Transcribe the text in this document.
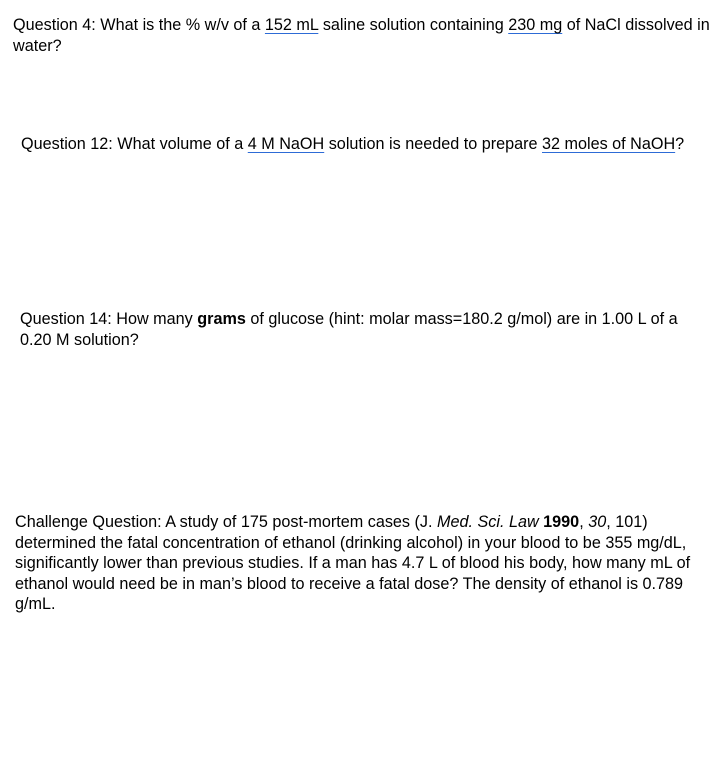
Question 4: What is the % w/v of a 152 mL saline solution containing 230 mg of NaCl dissolved in water?

Question 12: What volume of a 4 M NaOH solution is needed to prepare 32 moles of NaOH?

Question 14: How many grams of glucose (hint: molar mass=180.2 g/mol) are in 1.00 L of a 0.20 M solution?

Challenge Question: A study of 175 post-mortem cases (J. Med. Sci. Law 1990, 30, 101) determined the fatal concentration of ethanol (drinking alcohol) in your blood to be 355 mg/dL, significantly lower than previous studies. If a man has 4.7 L of blood his body, how many mL of ethanol would need be in man’s blood to receive a fatal dose? The density of ethanol is 0.789 g/mL.
